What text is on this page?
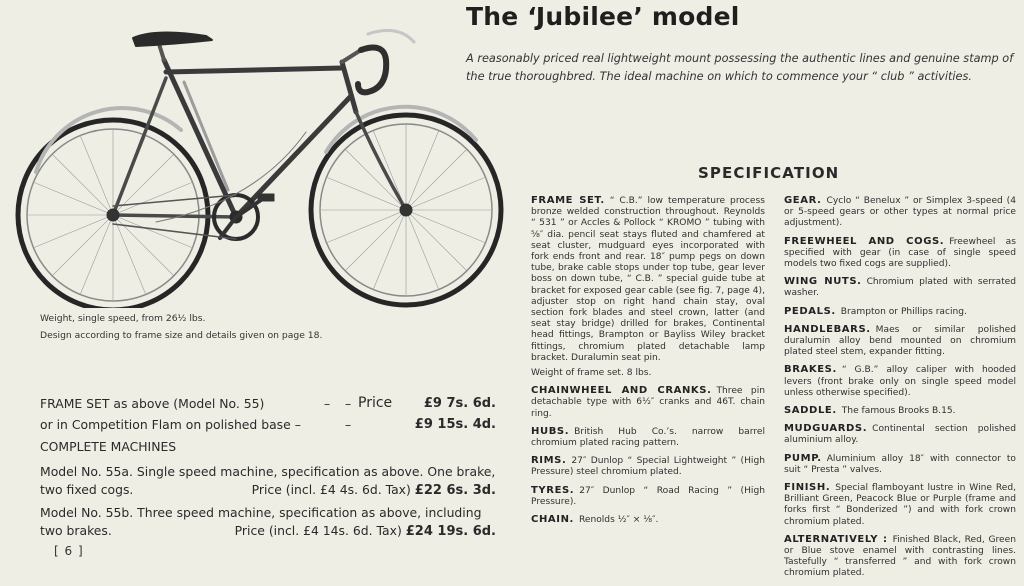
The ‘Jubilee’ model
A reasonably priced real lightweight mount possessing the authentic lines and genuine stamp of the true thoroughbred. The ideal machine on which to commence your “ club ” activities.
Weight, single speed, from 26½ lbs.
Design according to frame size and details given on page 18.
FRAME SET as above (Model No. 55)	– – Price £9 7s. 6d.
or in Competition Flam on polished base –	–	£9 15s. 4d.
COMPLETE MACHINES
Model No. 55a. Single speed machine, specification as above. One brake,
two fixed cogs.	Price (incl. £4 4s. 6d. Tax) £22 6s. 3d.
Model No. 55b. Three speed machine, specification as above, including
two brakes.	Price (incl. £4 14s. 6d. Tax) £24 19s. 6d.
[ 6 ]
SPECIFICATION
FRAME SET. “ C.B.” low temperature process bronze welded construction throughout. Reynolds “ 531 ” or Accles & Pollock “ KROMO ” tubing with ⅝″ dia. pencil seat stays fluted and chamfered at seat cluster, mudguard eyes incorporated with fork ends front and rear. 18″ pump pegs on down tube, brake cable stops under top tube, gear lever boss on down tube, “ C.B. ” special guide tube at bracket for exposed gear cable (see fig. 7, page 4), adjuster stop on right hand chain stay, oval section fork blades and steel crown, latter (and seat stay bridge) drilled for brakes, Continental head fittings, Brampton or Bayliss Wiley bracket fittings, chromium plated detachable lamp bracket. Duralumin seat pin.
Weight of frame set. 8 lbs.
CHAINWHEEL AND CRANKS. Three pin detachable type with 6½″ cranks and 46T. chain ring.
HUBS. British Hub Co.’s. narrow barrel chromium plated racing pattern.
RIMS. 27″ Dunlop “ Special Lightweight ” (High Pressure) steel chromium plated.
TYRES. 27″ Dunlop “ Road Racing ” (High Pressure).
CHAIN. Renolds ½″ × ⅛″.
GEAR. Cyclo “ Benelux ” or Simplex 3-speed (4 or 5-speed gears or other types at normal price adjustment).
FREEWHEEL AND COGS. Freewheel as specified with gear (in case of single speed models two fixed cogs are supplied).
WING NUTS. Chromium plated with serrated washer.
PEDALS. Brampton or Phillips racing.
HANDLEBARS. Maes or similar polished duralumin alloy bend mounted on chromium plated steel stem, expander fitting.
BRAKES. “ G.B.” alloy caliper with hooded levers (front brake only on single speed model unless otherwise specified).
SADDLE. The famous Brooks B.15.
MUDGUARDS. Continental section polished aluminium alloy.
PUMP. Aluminium alloy 18″ with connector to suit “ Presta ” valves.
FINISH. Special flamboyant lustre in Wine Red, Brilliant Green, Peacock Blue or Purple (frame and forks first “ Bonderized ”) and with fork crown chromium plated.
ALTERNATIVELY : Finished Black, Red, Green or Blue stove enamel with contrasting lines. Tastefully “ transferred ” and with fork crown chromium plated.
